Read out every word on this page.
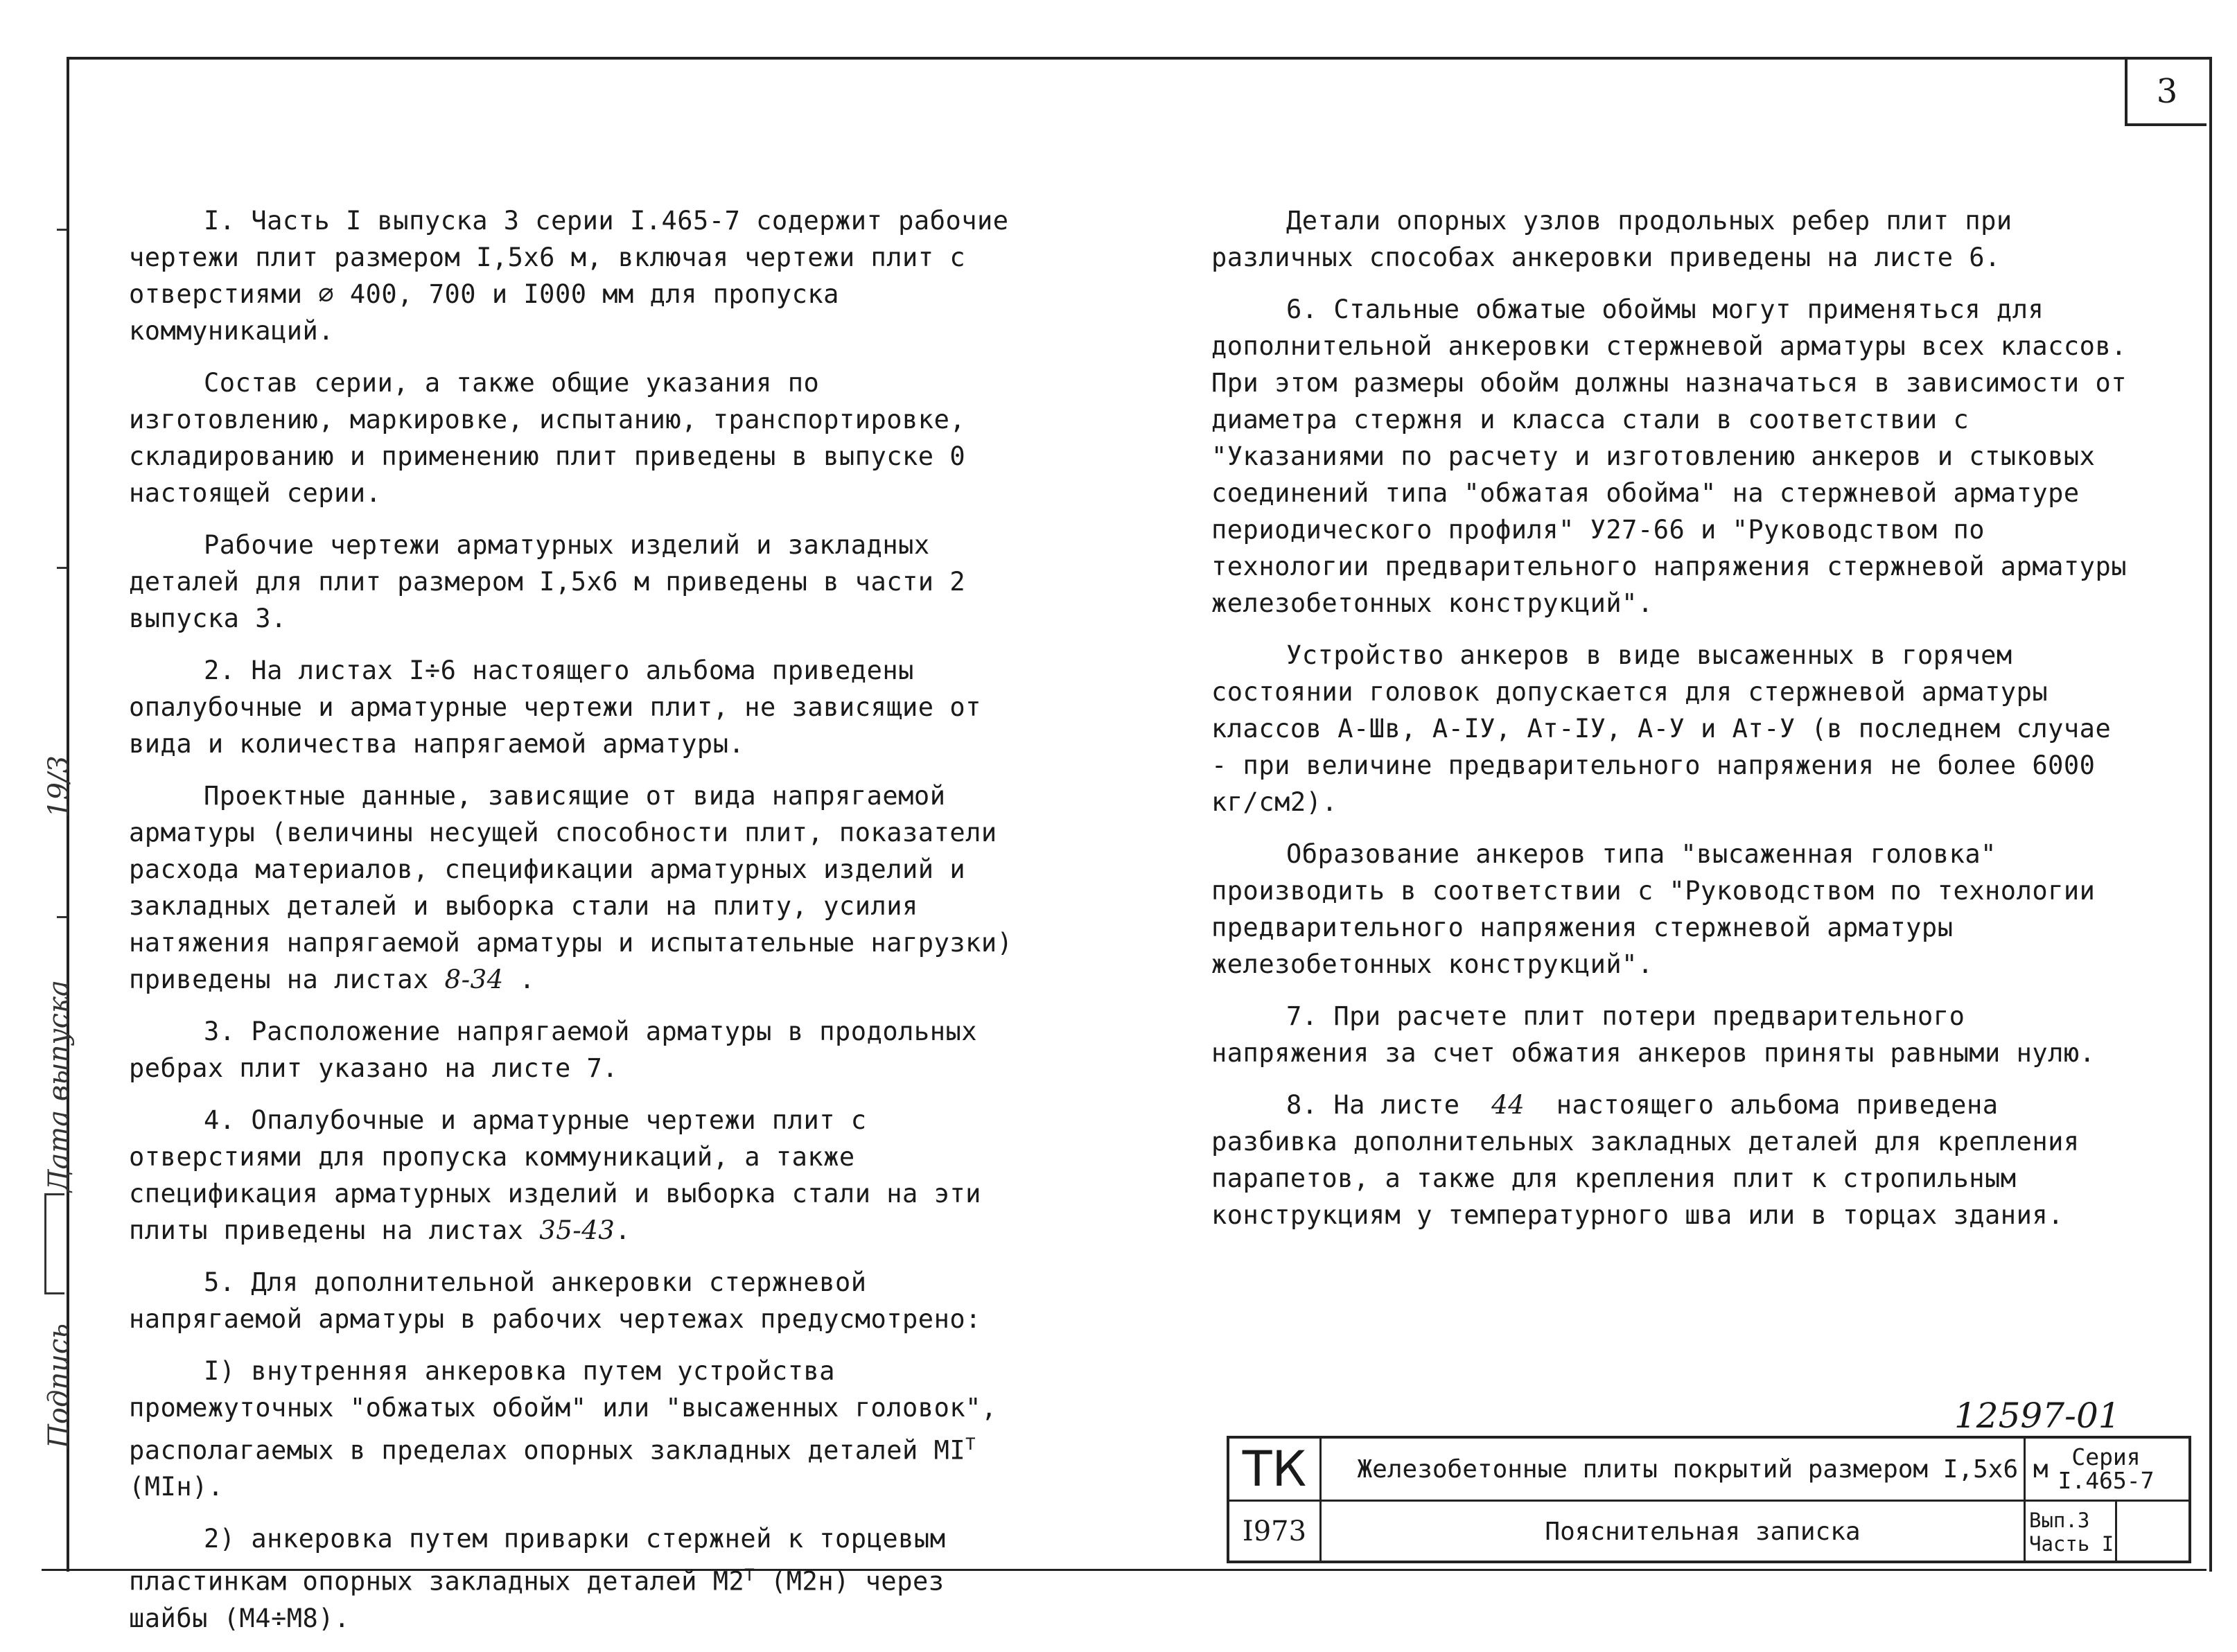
3
19/3
Дата выпуска
Подпись

I. Часть I выпуска 3 серии I.465-7 содержит рабочие чертежи плит размером I,5х6 м, включая чертежи плит с отверстиями ∅ 400, 700 и I000 мм для пропуска коммуникаций.

Состав серии, а также общие указания по изготовлению, маркировке, испытанию, транспортировке, складированию и применению плит приведены в выпуске 0 настоящей серии.

Рабочие чертежи арматурных изделий и закладных деталей для плит размером I,5х6 м приведены в части 2 выпуска 3.

2. На листах I÷6 настоящего альбома приведены опалубочные и арматурные чертежи плит, не зависящие от вида и количества напрягаемой арматуры.

Проектные данные, зависящие от вида напрягаемой арматуры (величины несущей способности плит, показатели расхода материалов, спецификации арматурных изделий и закладных деталей и выборка стали на плиту, усилия натяжения напрягаемой арматуры и испытательные нагрузки) приведены на листах 8-34 .

3. Расположение напрягаемой арматуры в продольных ребрах плит указано на листе 7.

4. Опалубочные и арматурные чертежи плит с отверстиями для пропуска коммуникаций, а также спецификация арматурных изделий и выборка стали на эти плиты приведены на листах 35-43.

5. Для дополнительной анкеровки стержневой напрягаемой арматуры в рабочих чертежах предусмотрено:

I) внутренняя анкеровка путем устройства промежуточных "обжатых обойм" или "высаженных головок", располагаемых в пределах опорных закладных деталей $МI^Т$ (МIн).

2) анкеровка путем приварки стержней к торцевым пластинкам опорных закладных деталей $М2^Т$ (М2н) через шайбы (М4÷М8).

Детали опорных узлов продольных ребер плит при различных способах анкеровки приведены на листе 6.

6. Стальные обжатые обоймы могут применяться для дополнительной анкеровки стержневой арматуры всех классов. При этом размеры обойм должны назначаться в зависимости от диаметра стержня и класса стали в соответствии с "Указаниями по расчету и изготовлению анкеров и стыковых соединений типа "обжатая обойма" на стержневой арматуре периодического профиля" У27-66 и "Руководством по технологии предварительного напряжения стержневой арматуры железобетонных конструкций".

Устройство анкеров в виде высаженных в горячем состоянии головок допускается для стержневой арматуры классов А-Шв, А-IУ, Ат-IУ, А-У и Ат-У (в последнем случае - при величине предварительного напряжения не более 6000 кг/см2).

Образование анкеров типа "высаженная головка" производить в соответствии с "Руководством по технологии предварительного напряжения стержневой арматуры железобетонных конструкций".

7. При расчете плит потери предварительного напряжения за счет обжатия анкеров приняты равными нулю.

8. На листе 44 настоящего альбома приведена разбивка дополнительных закладных деталей для крепления парапетов, а также для крепления плит к стропильным конструкциям у температурного шва или в торцах здания.

12597-01
ТК
I973
Железобетонные плиты покрытий размером I,5х6 м
Пояснительная записка
Серия
I.465-7
Вып.3
Часть I
